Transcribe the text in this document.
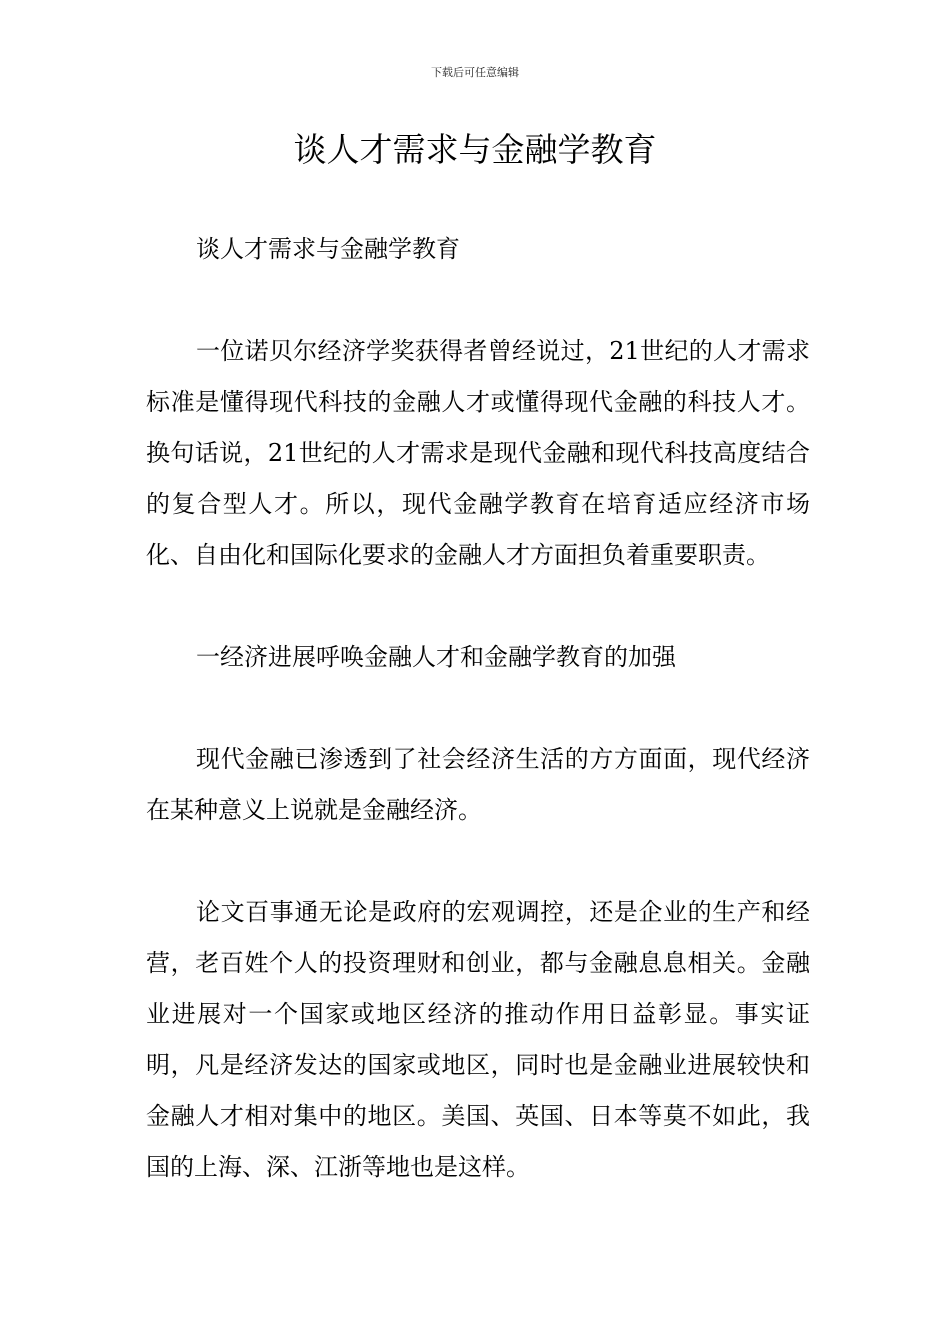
下载后可任意编辑
谈人才需求与金融学教育

谈人才需求与金融学教育

一位诺贝尔经济学奖获得者曾经说过，21世纪的人才需求标准是懂得现代科技的金融人才或懂得现代金融的科技人才。换句话说，21世纪的人才需求是现代金融和现代科技高度结合的复合型人才。所以，现代金融学教育在培育适应经济市场化、自由化和国际化要求的金融人才方面担负着重要职责。

一经济进展呼唤金融人才和金融学教育的加强

现代金融已渗透到了社会经济生活的方方面面，现代经济在某种意义上说就是金融经济。

论文百事通无论是政府的宏观调控，还是企业的生产和经营，老百姓个人的投资理财和创业，都与金融息息相关。金融业进展对一个国家或地区经济的推动作用日益彰显。事实证明，凡是经济发达的国家或地区，同时也是金融业进展较快和金融人才相对集中的地区。美国、英国、日本等莫不如此，我国的上海、深、江浙等地也是这样。
